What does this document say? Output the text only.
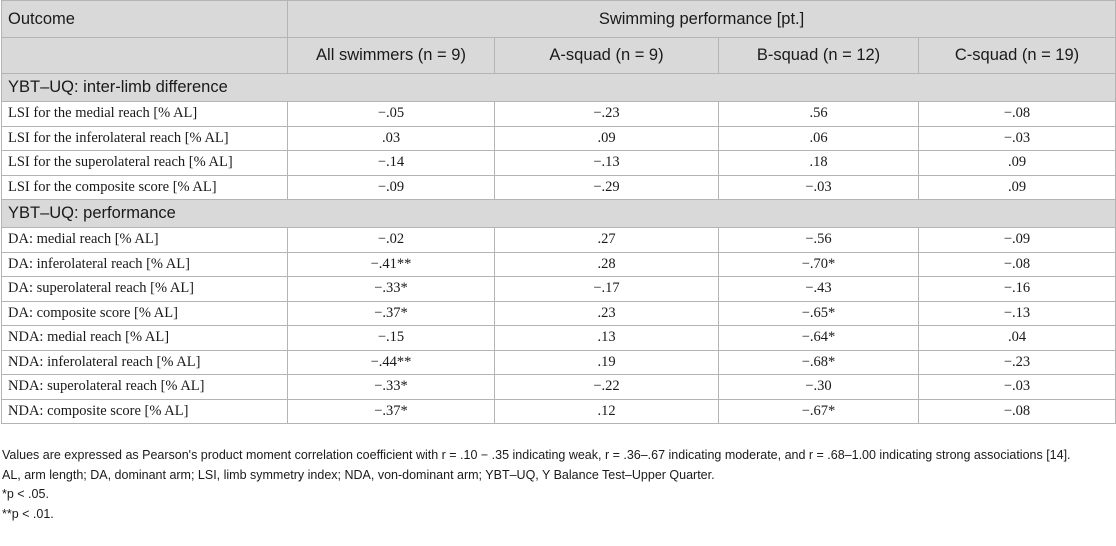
Outcome	Swimming performance [pt.]			
	All swimmers (n = 9)	A-squad (n = 9)	B-squad (n = 12)	C-squad (n = 19)
YBT–UQ: inter-limb difference				
LSI for the medial reach [% AL]	−.05	−.23	.56	−.08
LSI for the inferolateral reach [% AL]	.03	.09	.06	−.03
LSI for the superolateral reach [% AL]	−.14	−.13	.18	.09
LSI for the composite score [% AL]	−.09	−.29	−.03	.09
YBT–UQ: performance				
DA: medial reach [% AL]	−.02	.27	−.56	−.09
DA: inferolateral reach [% AL]	−.41**	.28	−.70*	−.08
DA: superolateral reach [% AL]	−.33*	−.17	−.43	−.16
DA: composite score [% AL]	−.37*	.23	−.65*	−.13
NDA: medial reach [% AL]	−.15	.13	−.64*	.04
NDA: inferolateral reach [% AL]	−.44**	.19	−.68*	−.23
NDA: superolateral reach [% AL]	−.33*	−.22	−.30	−.03
NDA: composite score [% AL]	−.37*	.12	−.67*	−.08

Values are expressed as Pearson's product moment correlation coefficient with r = .10 − .35 indicating weak, r = .36–.67 indicating moderate, and r = .68–1.00 indicating strong associations [14].

AL, arm length; DA, dominant arm; LSI, limb symmetry index; NDA, von-dominant arm; YBT–UQ, Y Balance Test–Upper Quarter.

*p < .05.

**p < .01.
